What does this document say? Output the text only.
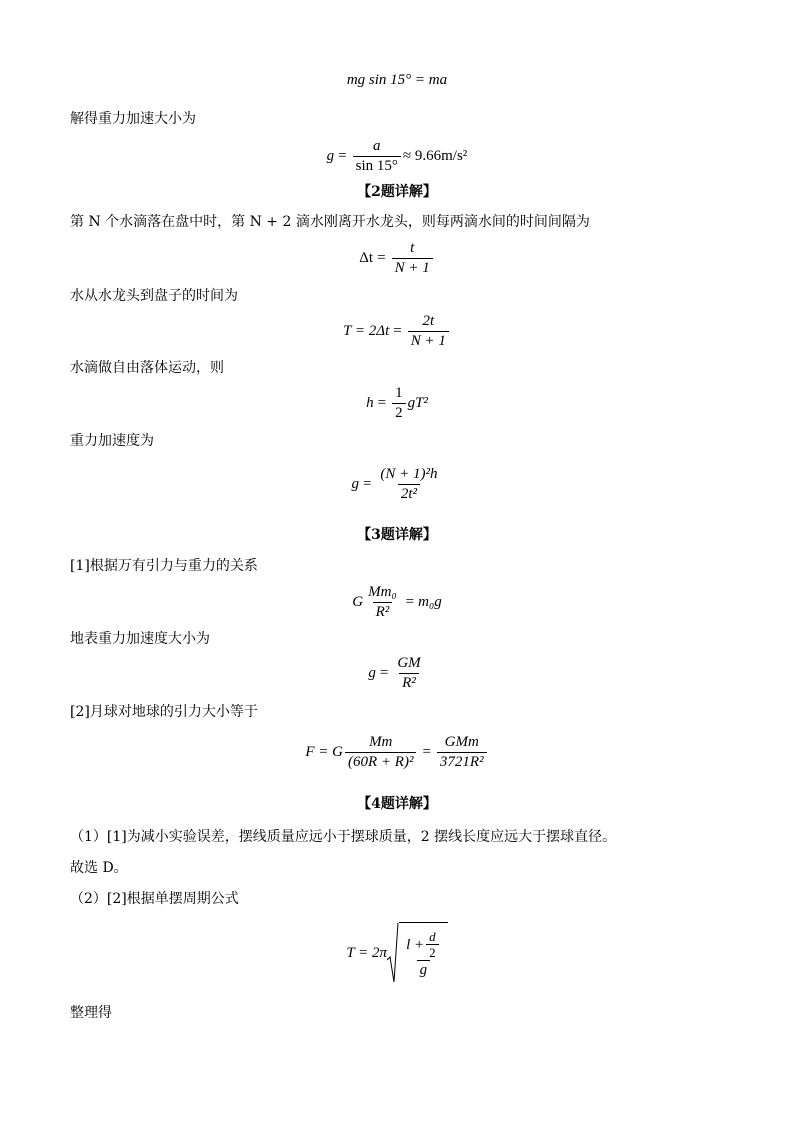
mg sin 15° = ma
解得重力加速大小为
$g = \frac{a}{\sin 15^\circ} \approx 9.66m/s^2$
【2题详解】
第 N 个水滴落在盘中时，第 N + 2 滴水刚离开水龙头，则每两滴水间的时间间隔为
$\Delta t = \frac{t}{N + 1}$
水从水龙头到盘子的时间为
$T = 2\Delta t = \frac{2t}{N + 1}$
水滴做自由落体运动，则
$h = \frac{1}{2} gT^2$
重力加速度为
$g = \frac{\text{(N + 1)²h}}{\text{2t²}}$
【3题详解】
[1]根据万有引力与重力的关系
G $\frac{\text{Mm₀}}{\text{R²}} = m_0g$
地表重力加速度大小为
$g = \frac{GM}{\text{R²}}$
[2]月球对地球的引力大小等于
F = G $\frac{Mm}{\text{(60R + R)²}} = \frac{\text{GMm}}{\text{3721R²}}$
【4题详解】
（1）[1]为减小实验误差，摆线质量应远小于摆球质量，2 摆线长度应远大于摆球直径。
故选 D。
（2）[2]根据单摆周期公式
$T = 2\pi \frac{l + \frac{d}{2}}{g}$
整理得
